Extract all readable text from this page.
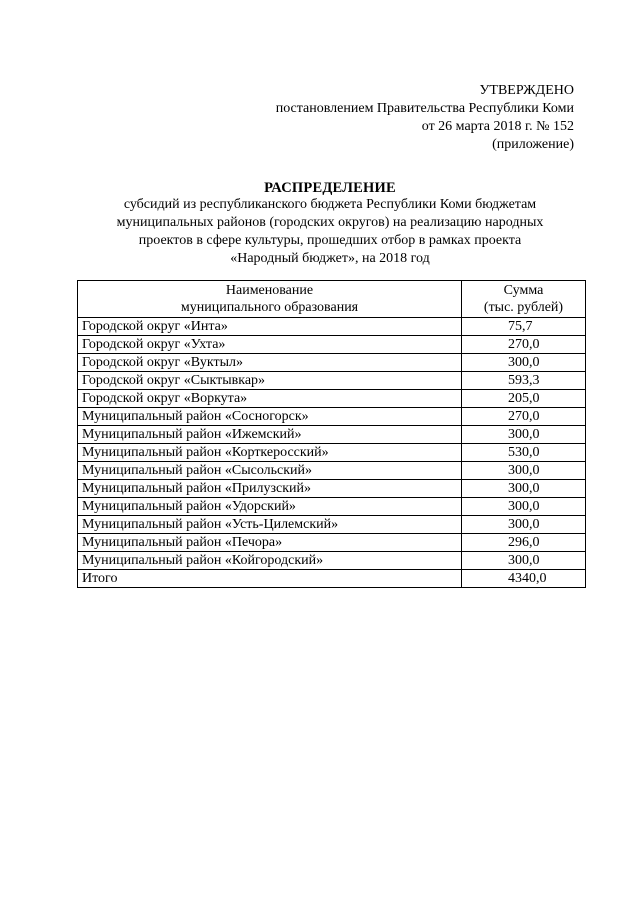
УТВЕРЖДЕНО
постановлением Правительства Республики Коми
от 26 марта 2018 г. № 152
(приложение)
РАСПРЕДЕЛЕНИЕ
субсидий из республиканского бюджета Республики Коми бюджетам
муниципальных районов (городских округов) на реализацию народных
проектов в сфере культуры, прошедших отбор в рамках проекта
«Народный бюджет», на 2018 год
Наименование
муниципального образования	Сумма
(тыс. рублей)

Городской округ «Инта»	75,7
Городской округ «Ухта»	270,0
Городской округ «Вуктыл»	300,0
Городской округ «Сыктывкар»	593,3
Городской округ «Воркута»	205,0
Муниципальный район «Сосногорск»	270,0
Муниципальный район «Ижемский»	300,0
Муниципальный район «Корткеросский»	530,0
Муниципальный район «Сысольский»	300,0
Муниципальный район «Прилузский»	300,0
Муниципальный район «Удорский»	300,0
Муниципальный район «Усть-Цилемский»	300,0
Муниципальный район «Печора»	296,0
Муниципальный район «Койгородский»	300,0
Итого	4340,0
